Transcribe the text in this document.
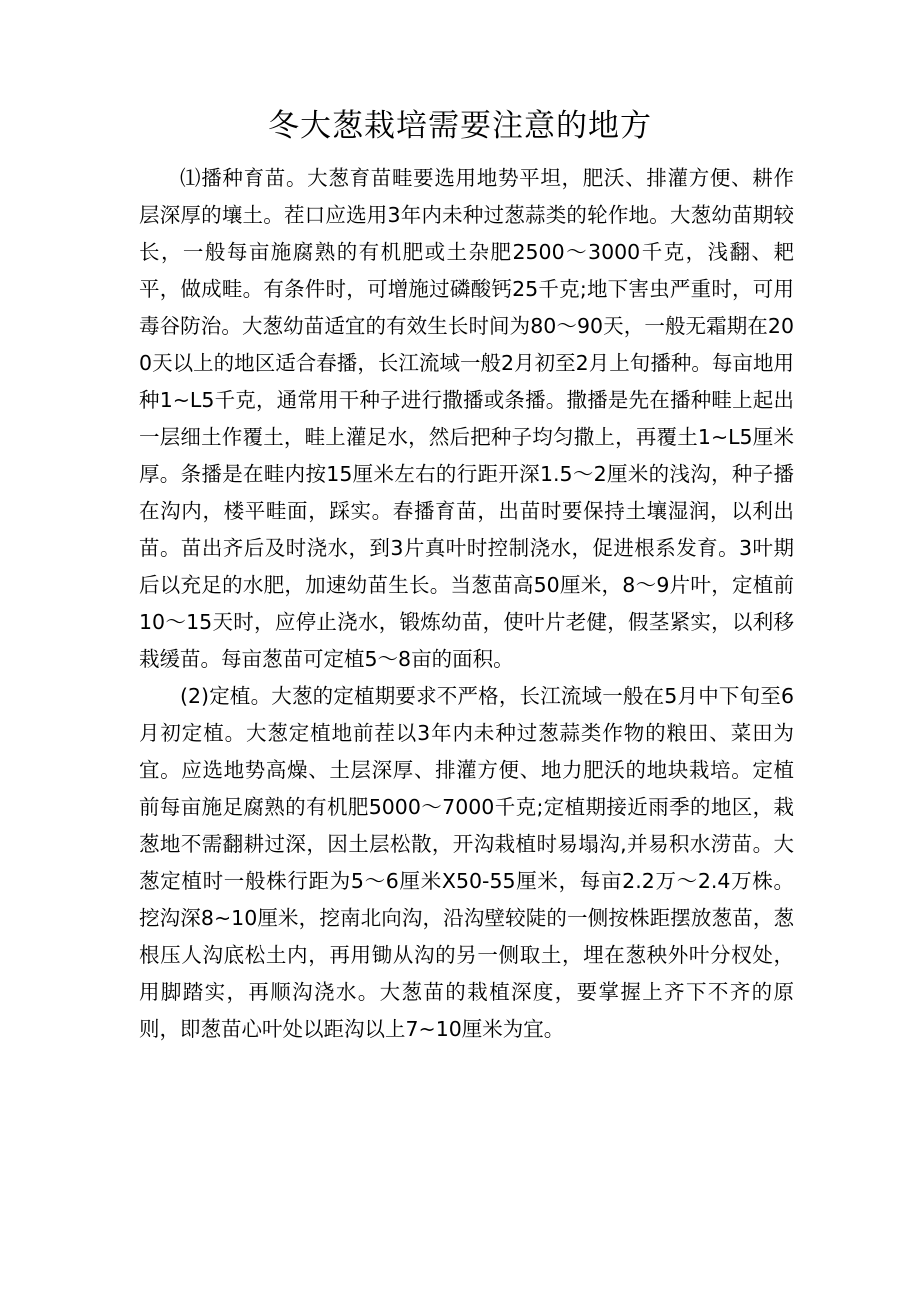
冬大葱栽培需要注意的地方

⑴播种育苗。大葱育苗畦要选用地势平坦，肥沃、排灌方便、耕作层深厚的壤土。茬口应选用3年内未种过葱蒜类的轮作地。大葱幼苗期较长，一般每亩施腐熟的有机肥或土杂肥2500～3000千克，浅翻、耙平，做成畦。有条件时，可增施过磷酸钙25千克;地下害虫严重时，可用毒谷防治。大葱幼苗适宜的有效生长时间为80～90天，一般无霜期在200天以上的地区适合春播，长江流域一般2月初至2月上旬播种。每亩地用种1~L5千克，通常用干种子进行撒播或条播。撒播是先在播种畦上起出一层细土作覆土，畦上灌足水，然后把种子均匀撒上，再覆土1~L5厘米厚。条播是在畦内按15厘米左右的行距开深1.5～2厘米的浅沟，种子播在沟内，楼平畦面，踩实。春播育苗，出苗时要保持土壤湿润，以利出苗。苗出齐后及时浇水，到3片真叶时控制浇水，促进根系发育。3叶期后以充足的水肥，加速幼苗生长。当葱苗高50厘米，8～9片叶，定植前10～15天时，应停止浇水，锻炼幼苗，使叶片老健，假茎紧实，以利移栽缓苗。每亩葱苗可定植5～8亩的面积。

(2)定植。大葱的定植期要求不严格，长江流域一般在5月中下旬至6月初定植。大葱定植地前茬以3年内未种过葱蒜类作物的粮田、菜田为宜。应选地势高燥、土层深厚、排灌方便、地力肥沃的地块栽培。定植前每亩施足腐熟的有机肥5000～7000千克;定植期接近雨季的地区，栽葱地不需翻耕过深，因土层松散，开沟栽植时易塌沟,并易积水涝苗。大葱定植时一般株行距为5～6厘米X50-55厘米，每亩2.2万～2.4万株。挖沟深8~10厘米，挖南北向沟，沿沟壁较陡的一侧按株距摆放葱苗，葱根压人沟底松土内，再用锄从沟的另一侧取土，埋在葱秧外叶分杈处，用脚踏实，再顺沟浇水。大葱苗的栽植深度，要掌握上齐下不齐的原则，即葱苗心叶处以距沟以上7~10厘米为宜。
